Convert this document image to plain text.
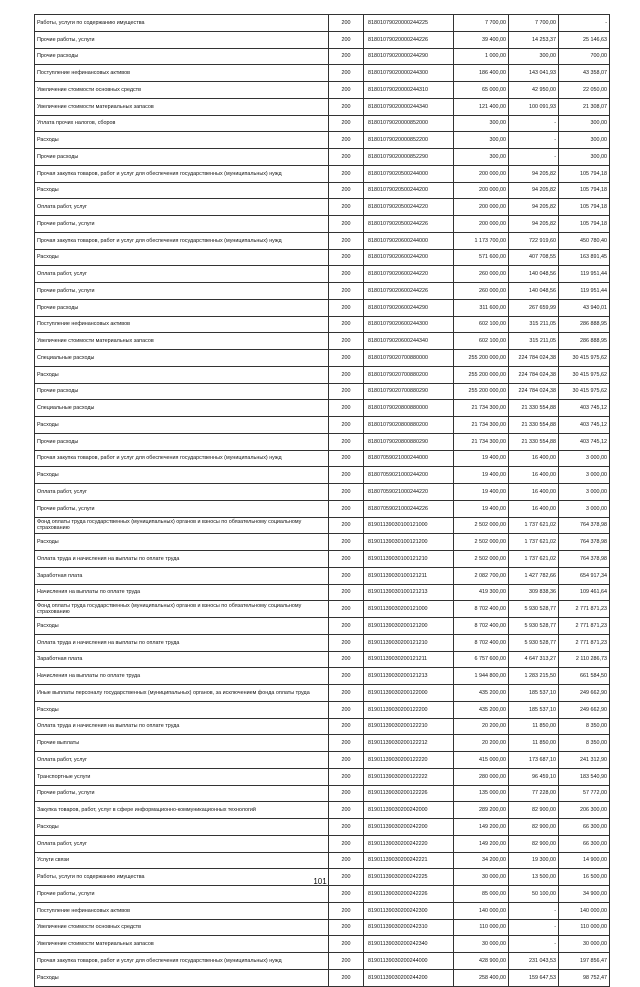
Работы, услуги по содержанию имущества	200	81801079020000244225	7 700,00	7 700,00	-
Прочие работы, услуги	200	81801079020000244226	39 400,00	14 253,37	25 146,63
Прочие расходы	200	81801079020000244290	1 000,00	300,00	700,00
Поступление нефинансовых активов	200	81801079020000244300	186 400,00	143 041,93	43 358,07
Увеличение стоимости основных средств	200	81801079020000244310	65 000,00	42 950,00	22 050,00
Увеличение стоимости материальных запасов	200	81801079020000244340	121 400,00	100 091,93	21 308,07
Уплата прочих налогов, сборов	200	81801079020000852000	300,00	-	300,00
Расходы	200	81801079020000852200	300,00	-	300,00
Прочие расходы	200	81801079020000852290	300,00	-	300,00
Прочая закупка товаров, работ и услуг для обеспечения государственных (муниципальных) нужд	200	81801079020500244000	200 000,00	94 205,82	105 794,18
Расходы	200	81801079020500244200	200 000,00	94 205,82	105 794,18
Оплата работ, услуг	200	81801079020500244220	200 000,00	94 205,82	105 794,18
Прочие работы, услуги	200	81801079020500244226	200 000,00	94 205,82	105 794,18
Прочая закупка товаров, работ и услуг для обеспечения государственных (муниципальных) нужд	200	81801079020600244000	1 173 700,00	722 919,60	450 780,40
Расходы	200	81801079020600244200	571 600,00	407 708,55	163 891,45
Оплата работ, услуг	200	81801079020600244220	260 000,00	140 048,56	119 951,44
Прочие работы, услуги	200	81801079020600244226	260 000,00	140 048,56	119 951,44
Прочие расходы	200	81801079020600244290	311 600,00	267 659,99	43 940,01
Поступление нефинансовых активов	200	81801079020600244300	602 100,00	315 211,05	286 888,95
Увеличение стоимости материальных запасов	200	81801079020600244340	602 100,00	315 211,05	286 888,95
Специальные расходы	200	81801079020700880000	255 200 000,00	224 784 024,38	30 415 975,62
Расходы	200	81801079020700880200	255 200 000,00	224 784 024,38	30 415 975,62
Прочие расходы	200	81801079020700880290	255 200 000,00	224 784 024,38	30 415 975,62
Специальные расходы	200	81801079020800880000	21 734 300,00	21 330 554,88	403 745,12
Расходы	200	81801079020800880200	21 734 300,00	21 330 554,88	403 745,12
Прочие расходы	200	81801079020800880290	21 734 300,00	21 330 554,88	403 745,12
Прочая закупка товаров, работ и услуг для обеспечения государственных (муниципальных) нужд	200	81807059021000244000	19 400,00	16 400,00	3 000,00
Расходы	200	81807059021000244200	19 400,00	16 400,00	3 000,00
Оплата работ, услуг	200	81807059021000244220	19 400,00	16 400,00	3 000,00
Прочие работы, услуги	200	81807059021000244226	19 400,00	16 400,00	3 000,00
Фонд оплаты труда государственных (муниципальных) органов и взносы по обязательному социальному страхованию	200	81901139030100121000	2 502 000,00	1 737 621,02	764 378,98
Расходы	200	81901139030100121200	2 502 000,00	1 737 621,02	764 378,98
Оплата труда и начисления на выплаты по оплате труда	200	81901139030100121210	2 502 000,00	1 737 621,02	764 378,98
Заработная плата	200	81901139030100121211	2 082 700,00	1 427 782,66	654 917,34
Начисления на выплаты по оплате труда	200	81901139030100121213	419 300,00	309 838,36	109 461,64
Фонд оплаты труда государственных (муниципальных) органов и взносы по обязательному социальному страхованию	200	81901139030200121000	8 702 400,00	5 930 528,77	2 771 871,23
Расходы	200	81901139030200121200	8 702 400,00	5 930 528,77	2 771 871,23
Оплата труда и начисления на выплаты по оплате труда	200	81901139030200121210	8 702 400,00	5 930 528,77	2 771 871,23
Заработная плата	200	81901139030200121211	6 757 600,00	4 647 313,27	2 110 286,73
Начисления на выплаты по оплате труда	200	81901139030200121213	1 944 800,00	1 283 215,50	661 584,50
Иные выплаты персоналу государственных (муниципальных) органов, за исключением фонда оплаты труда	200	81901139030200122000	435 200,00	185 537,10	249 662,90
Расходы	200	81901139030200122200	435 200,00	185 537,10	249 662,90
Оплата труда и начисления на выплаты по оплате труда	200	81901139030200122210	20 200,00	11 850,00	8 350,00
Прочие выплаты	200	81901139030200122212	20 200,00	11 850,00	8 350,00
Оплата работ, услуг	200	81901139030200122220	415 000,00	173 687,10	241 312,90
Транспортные услуги	200	81901139030200122222	280 000,00	96 459,10	183 540,90
Прочие работы, услуги	200	81901139030200122226	135 000,00	77 228,00	57 772,00
Закупка товаров, работ, услуг в сфере информационно-коммуникационных технологий	200	81901139030200242000	289 200,00	82 900,00	206 300,00
Расходы	200	81901139030200242200	149 200,00	82 900,00	66 300,00
Оплата работ, услуг	200	81901139030200242220	149 200,00	82 900,00	66 300,00
Услуги связи	200	81901139030200242221	34 200,00	19 300,00	14 900,00
Работы, услуги по содержанию имущества	200	81901139030200242225	30 000,00	13 500,00	16 500,00
Прочие работы, услуги	200	81901139030200242226	85 000,00	50 100,00	34 900,00
Поступление нефинансовых активов	200	81901139030200242300	140 000,00	-	140 000,00
Увеличение стоимости основных средств	200	81901139030200242310	110 000,00	-	110 000,00
Увеличение стоимости материальных запасов	200	81901139030200242340	30 000,00	-	30 000,00
Прочая закупка товаров, работ и услуг для обеспечения государственных (муниципальных) нужд	200	81901139030200244000	428 900,00	231 043,53	197 856,47
Расходы	200	81901139030200244200	258 400,00	159 647,53	98 752,47
101
